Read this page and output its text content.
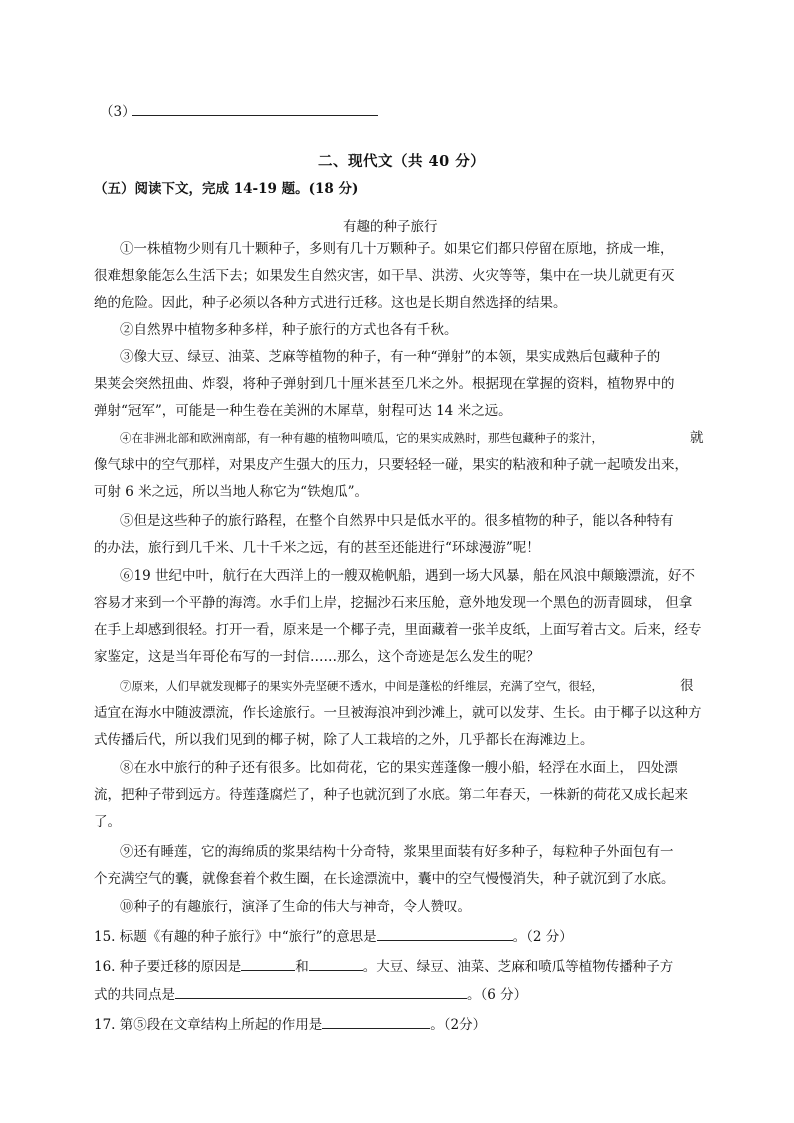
（3）
二、现代文（共 40 分）
（五）阅读下文，完成 14-19 题。(18 分)
有趣的种子旅行
①一株植物少则有几十颗种子，多则有几十万颗种子。如果它们都只停留在原地，挤成一堆，
很难想象能怎么生活下去；如果发生自然灾害，如干旱、洪涝、火灾等等，集中在一块儿就更有灭
绝的危险。因此，种子必须以各种方式进行迁移。这也是长期自然选择的结果。
②自然界中植物多种多样，种子旅行的方式也各有千秋。
③像大豆、绿豆、油菜、芝麻等植物的种子，有一种“弹射”的本领，果实成熟后包藏种子的
果荚会突然扭曲、炸裂，将种子弹射到几十厘米甚至几米之外。根据现在掌握的资料，植物界中的
弹射“冠军”，可能是一种生卷在美洲的木犀草，射程可达 14 米之远。
④在非洲北部和欧洲南部，有一种有趣的植物叫喷瓜，它的果实成熟时，那些包藏种子的浆汁，	就
像气球中的空气那样，对果皮产生强大的压力，只要轻轻一碰，果实的粘液和种子就一起喷发出来，
可射 6 米之远，所以当地人称它为“铁炮瓜”。
⑤但是这些种子的旅行路程，在整个自然界中只是低水平的。很多植物的种子，能以各种特有
的办法，旅行到几千米、几十千米之远，有的甚至还能进行“环球漫游”呢！
⑥19 世纪中叶，航行在大西洋上的一艘双桅帆船，遇到一场大风暴，船在风浪中颠簸漂流，好不
容易才来到一个平静的海湾。水手们上岸，挖掘沙石来压舱，意外地发现一个黑色的沥青圆球， 但拿
在手上却感到很轻。打开一看，原来是一个椰子壳，里面藏着一张羊皮纸，上面写着古文。后来，经专
家鉴定，这是当年哥伦布写的一封信……那么，这个奇迹是怎么发生的呢？
⑦原来，人们早就发现椰子的果实外壳坚硬不透水，中间是蓬松的纤维层，充满了空气，很轻，	很
适宜在海水中随波漂流，作长途旅行。一旦被海浪冲到沙滩上，就可以发芽、生长。由于椰子以这种方
式传播后代，所以我们见到的椰子树，除了人工栽培的之外，几乎都长在海滩边上。
⑧在水中旅行的种子还有很多。比如荷花，它的果实莲蓬像一艘小船，轻浮在水面上， 四处漂
流，把种子带到远方。待莲蓬腐烂了，种子也就沉到了水底。第二年春天，一株新的荷花又成长起来
了。
⑨还有睡莲，它的海绵质的浆果结构十分奇特，浆果里面装有好多种子，每粒种子外面包有一
个充满空气的囊，就像套着个救生圈，在长途漂流中，囊中的空气慢慢消失，种子就沉到了水底。
⑩种子的有趣旅行，演泽了生命的伟大与神奇，令人赞叹。
15. 标题《有趣的种子旅行》中“旅行”的意思是	。（2 分）
16. 种子要迁移的原因是	和	。大豆、绿豆、油菜、芝麻和喷瓜等植物传播种子方
式的共同点是	。（6 分）
17. 第⑤段在文章结构上所起的作用是	。（2分）
